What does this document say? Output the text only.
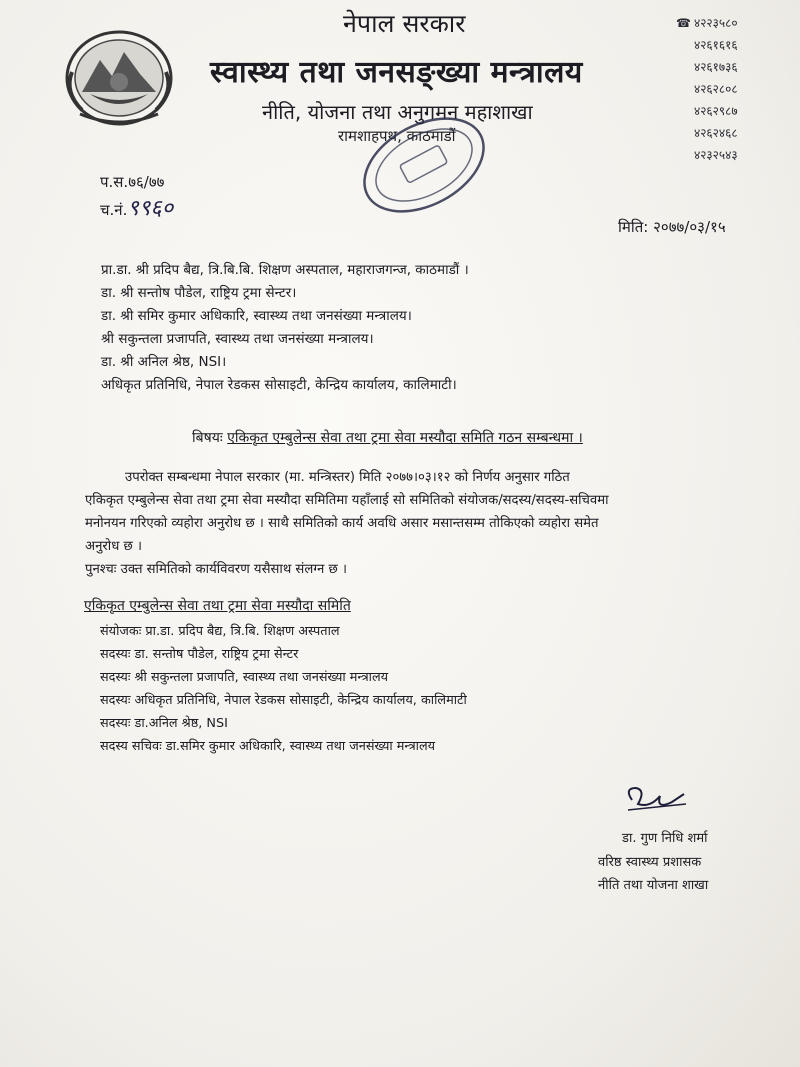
नेपाल सरकार
स्वास्थ्य तथा जनसङ्ख्या मन्त्रालय
नीति, योजना तथा अनुगमन महाशाखा
रामशाहपथ, काठमाडौं
☎ ४२२३५८०
४२६१६१६
४२६१७३६
४२६२८०८
४२६२९८७
४२६२४६८
४२३२५४३
प.स.७६/७७
च.नं.९९६०
मिति: २०७७/०३/१५
प्रा.डा. श्री प्रदिप बैद्य, त्रि.बि.बि. शिक्षण अस्पताल, महाराजगन्ज, काठमाडौं ।
डा. श्री सन्तोष पौडेल, राष्ट्रिय ट्रमा सेन्टर।
डा. श्री समिर कुमार अधिकारि, स्वास्थ्य तथा जनसंख्या मन्त्रालय।
श्री सकुन्तला प्रजापति, स्वास्थ्य तथा जनसंख्या मन्त्रालय।
डा. श्री अनिल श्रेष्ठ, NSI।
अधिकृत प्रतिनिधि, नेपाल रेडकस सोसाइटी, केन्द्रिय कार्यालय, कालिमाटी।
बिषयः एकिकृत एम्बुलेन्स सेवा तथा ट्रमा सेवा मस्यौदा समिति गठन सम्बन्धमा ।
उपरोक्त सम्बन्धमा नेपाल सरकार (मा. मन्त्रिस्तर) मिति २०७७।०३।१२ को निर्णय अनुसार गठित
एकिकृत एम्बुलेन्स सेवा तथा ट्रमा सेवा मस्यौदा समितिमा यहाँलाई सो समितिको संयोजक/सदस्य/सदस्य-सचिवमा
मनोनयन गरिएको व्यहोरा अनुरोध छ । साथै समितिको कार्य अवधि असार मसान्तसम्म तोकिएको व्यहोरा समेत
अनुरोध छ ।
पुनश्चः उक्त समितिको कार्यविवरण यसैसाथ संलग्न छ ।
एकिकृत एम्बुलेन्स सेवा तथा ट्रमा सेवा मस्यौदा समिति
संयोजकः प्रा.डा. प्रदिप बैद्य, त्रि.बि. शिक्षण अस्पताल
सदस्यः डा. सन्तोष पौडेल, राष्ट्रिय ट्रमा सेन्टर
सदस्यः श्री सकुन्तला प्रजापति, स्वास्थ्य तथा जनसंख्या मन्त्रालय
सदस्यः अधिकृत प्रतिनिधि, नेपाल रेडकस सोसाइटी, केन्द्रिय कार्यालय, कालिमाटी
सदस्यः डा.अनिल श्रेष्ठ, NSI
सदस्य सचिवः डा.समिर कुमार अधिकारि, स्वास्थ्य तथा जनसंख्या मन्त्रालय
डा. गुण निधि शर्मा
वरिष्ठ स्वास्थ्य प्रशासक
नीति तथा योजना शाखा
